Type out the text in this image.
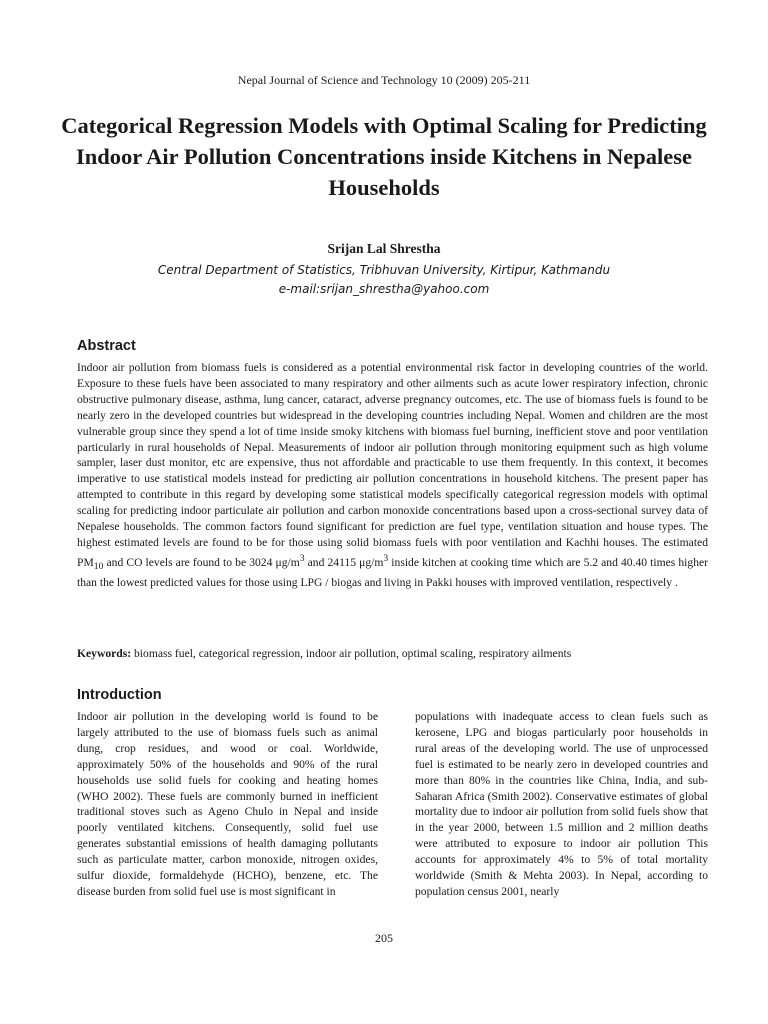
Nepal Journal of Science and Technology 10 (2009) 205-211
Categorical Regression Models with Optimal Scaling for Predicting Indoor Air Pollution Concentrations inside Kitchens in Nepalese Households
Srijan Lal Shrestha
Central Department of Statistics, Tribhuvan University, Kirtipur, Kathmandu
e-mail:srijan_shrestha@yahoo.com
Abstract

Indoor air pollution from biomass fuels is considered as a potential environmental risk factor in developing countries of the world. Exposure to these fuels have been associated to many respiratory and other ailments such as acute lower respiratory infection, chronic obstructive pulmonary disease, asthma, lung cancer, cataract, adverse pregnancy outcomes, etc. The use of biomass fuels is found to be nearly zero in the developed countries but widespread in the developing countries including Nepal. Women and children are the most vulnerable group since they spend a lot of time inside smoky kitchens with biomass fuel burning, inefficient stove and poor ventilation particularly in rural households of Nepal. Measurements of indoor air pollution through monitoring equipment such as high volume sampler, laser dust monitor, etc are expensive, thus not affordable and practicable to use them frequently. In this context, it becomes imperative to use statistical models instead for predicting air pollution concentrations in household kitchens. The present paper has attempted to contribute in this regard by developing some statistical models specifically categorical regression models with optimal scaling for predicting indoor particulate air pollution and carbon monoxide concentrations based upon a cross-sectional survey data of Nepalese households. The common factors found significant for prediction are fuel type, ventilation situation and house types. The highest estimated levels are found to be for those using solid biomass fuels with poor ventilation and Kachhi houses. The estimated $PM_{10}$ and CO levels are found to be 3024 $\mu g/m^3$ and 24115 $\mu g/m^3$ inside kitchen at cooking time which are 5.2 and 40.40 times higher than the lowest predicted values for those using LPG / biogas and living in Pakki houses with improved ventilation, respectively .

Keywords: biomass fuel, categorical regression, indoor air pollution, optimal scaling, respiratory ailments

Introduction

Indoor air pollution in the developing world is found to be largely attributed to the use of biomass fuels such as animal dung, crop residues, and wood or coal. Worldwide, approximately 50% of the households and 90% of the rural households use solid fuels for cooking and heating homes (WHO 2002). These fuels are commonly burned in inefficient traditional stoves such as Ageno Chulo in Nepal and inside poorly ventilated kitchens. Consequently, solid fuel use generates substantial emissions of health damaging pollutants such as particulate matter, carbon monoxide, nitrogen oxides, sulfur dioxide, formaldehyde (HCHO), benzene, etc. The disease burden from solid fuel use is most significant in

populations with inadequate access to clean fuels such as kerosene, LPG and biogas particularly poor households in rural areas of the developing world. The use of unprocessed fuel is estimated to be nearly zero in developed countries and more than 80% in the countries like China, India, and sub-Saharan Africa (Smith 2002). Conservative estimates of global mortality due to indoor air pollution from solid fuels show that in the year 2000, between 1.5 million and 2 million deaths were attributed to exposure to indoor air pollution This accounts for approximately 4% to 5% of total mortality worldwide (Smith & Mehta 2003). In Nepal, according to population census 2001, nearly

205
